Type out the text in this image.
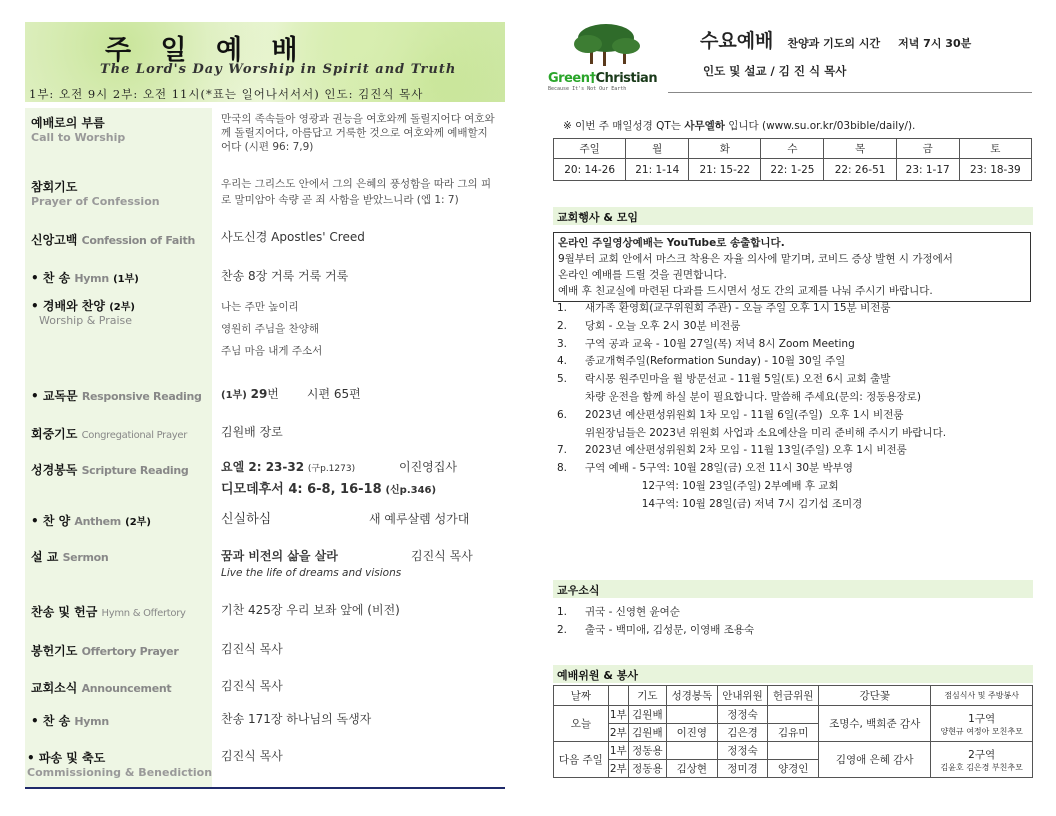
주 일 예 배
The Lord's Day Worship in Spirit and Truth
1부: 오전 9시 2부: 오전 11시(*표는 일어나서서서) 인도: 김진식 목사
예배로의 부름
Call to Worship
만국의 족속들아 영광과 권능을 여호와께 돌릴지어다 여호와께 돌릴지어다, 아름답고 거룩한 것으로 여호와께 예배할지어다 (시편 96: 7,9)
참회기도
Prayer of Confession
우리는 그리스도 안에서 그의 은혜의 풍성함을 따라 그의 피로 말미암아 속량 곧 죄 사함을 받았느니라 (엡 1: 7)
신앙고백 Confession of Faith 사도신경 Apostles' Creed
• 찬 송 Hymn (1부)	찬송 8장 거룩 거룩 거룩
• 경배와 찬양 (2부)
Worship & Praise
나는 주만 높이리
영원히 주님을 찬양해
주님 마음 내게 주소서
• 교독문 Responsive Reading (1부) 29번 시편 65편
회중기도 Congregational Prayer	김원배 장로
성경봉독 Scripture Reading	요엘 2: 23-32 (구p.1273)	이진영집사
디모데후서 4: 6-8, 16-18 (신p.346)
• 찬 양 Anthem (2부)	신실하심	새 예루살렘 성가대
설 교 Sermon	꿈과 비전의 삶을 살라	김진식 목사
Live the life of dreams and visions
찬송 및 헌금 Hymn & Offertory	기찬 425장 우리 보좌 앞에 (비전)
봉헌기도 Offertory Prayer	김진식 목사
교회소식 Announcement	김진식 목사
• 찬 송 Hymn	찬송 171장 하나님의 독생자
• 파송 및 축도
Commissioning & Benediction
김진식 목사
Green†Christian
Because It's Not Our Earth
수요예배 찬양과 기도의 시간 저녁 7시 30분
인도 및 설교 / 김 진 식 목사
※ 이번 주 매일성경 QT는 사무엘하 입니다 (www.su.or.kr/03bible/daily/).
주일	월	화	수	목	금	토
20: 14-26	21: 1-14	21: 15-22	22: 1-25	22: 26-51	23: 1-17	23: 18-39
교회행사 & 모임
1. 새가족 환영회(교구위원회 주관) - 오늘 주일 오후 1시 15분 비전룸
2. 당회 - 오늘 오후 2시 30분 비전룸
3. 구역 공과 교육 - 10월 27일(목) 저녁 8시 Zoom Meeting
4. 종교개혁주일(Reformation Sunday) - 10월 30일 주일
5. 락시몽 원주민마을 월 방문선교 - 11월 5일(토) 오전 6시 교회 출발
차량 운전을 함께 하실 분이 필요합니다. 말씀해 주세요(문의: 정동용장로)
6. 2023년 예산편성위원회 1차 모임 - 11월 6일(주일)  오후 1시 비전룸
위원장님들은 2023년 위원회 사업과 소요예산을 미리 준비해 주시기 바랍니다.
7. 2023년 예산편성위원회 2차 모임 - 11월 13일(주일) 오후 1시 비전룸
8. 구역 예배 - 5구역: 10월 28일(금) 오전 11시 30분 박부영
12구역: 10월 23일(주일) 2부예배 후 교회
14구역: 10월 28일(금) 저녁 7시 김기섭 조미경
온라인 주일영상예배는 YouTube로 송출합니다.
9월부터 교회 안에서 마스크 착용은 자율 의사에 맡기며, 코비드 증상 발현 시 가정에서
온라인 예배를 드릴 것을 권면합니다.
예배 후 친교실에 마련된 다과를 드시면서 성도 간의 교제를 나눠 주시기 바랍니다.
교우소식
1. 귀국 - 신영현 윤여순
2. 출국 - 백미애, 김성문, 이영배 조용숙
예배위원 & 봉사
날짜		기도	성경봉독	안내위원	헌금위원	강단꽃	점심식사 및 주방봉사
오늘	1부	김원배		정정숙		조명수, 백희준 감사	1구역
양현규 여정아 모친추모

	2부	김원배	이진영	김은경	김유미		
다음 주일	1부	정동용		정정숙		김영애 은혜 감사	2구역
김윤호 김은경 부친추모

	2부	정동용	김상현	정미경	양경인		
